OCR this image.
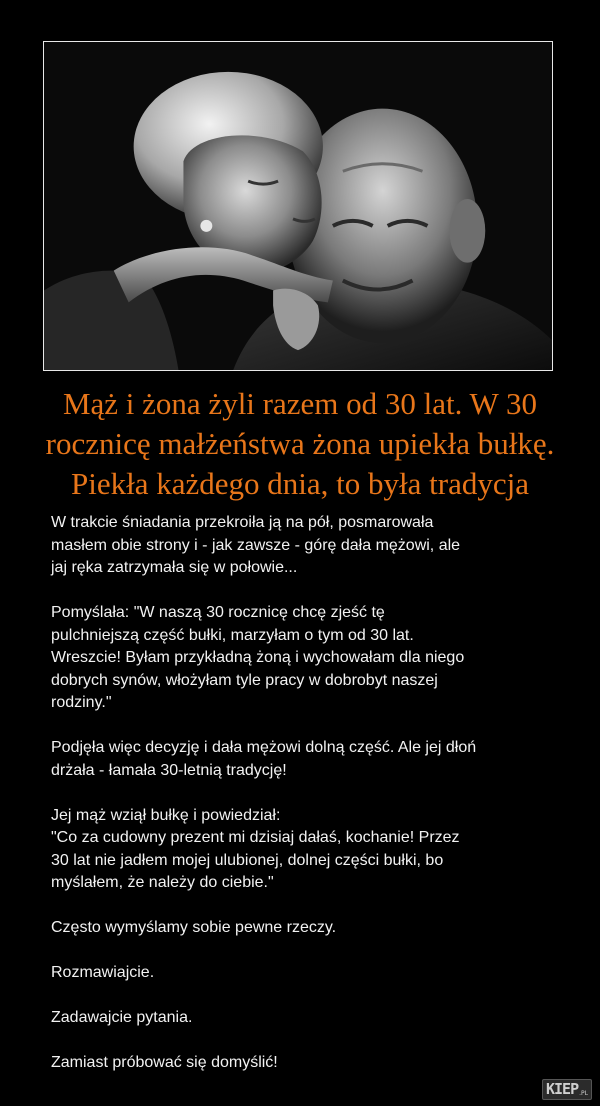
Mąż i żona żyli razem od 30 lat. W 30
rocznicę małżeństwa żona upiekła bułkę.
Piekła każdego dnia, to była tradycja

W trakcie śniadania przekroiła ją na pół, posmarowała
masłem obie strony i - jak zawsze - górę dała mężowi, ale
jaj ręka zatrzymała się w połowie...

Pomyślała: "W naszą 30 rocznicę chcę zjeść tę
pulchniejszą część bułki, marzyłam o tym od 30 lat.
Wreszcie! Byłam przykładną żoną i wychowałam dla niego
dobrych synów, włożyłam tyle pracy w dobrobyt naszej
rodziny."

Podjęła więc decyzję i dała mężowi dolną część. Ale jej dłoń
drżała - łamała 30-letnią tradycję!

Jej mąż wziął bułkę i powiedział:
"Co za cudowny prezent mi dzisiaj dałaś, kochanie! Przez
30 lat nie jadłem mojej ulubionej, dolnej części bułki, bo
myślałem, że należy do ciebie."

Często wymyślamy sobie pewne rzeczy.

Rozmawiajcie.

Zadawajcie pytania.

Zamiast próbować się domyślić!

KIEP .PL
